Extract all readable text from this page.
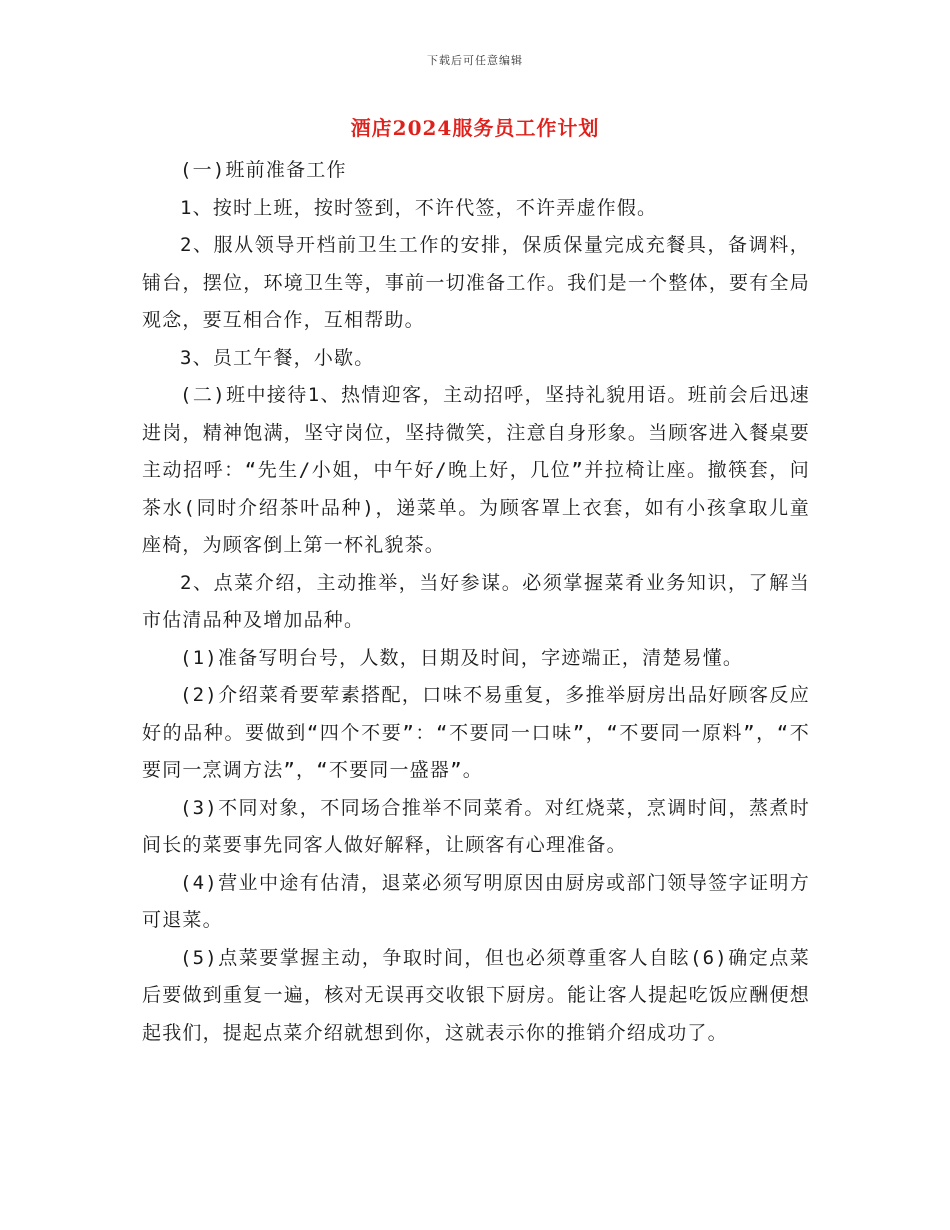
下载后可任意编辑
酒店2024服务员工作计划

(一)班前准备工作

1、按时上班，按时签到，不许代签，不许弄虚作假。

2、服从领导开档前卫生工作的安排，保质保量完成充餐具，备调料，铺台，摆位，环境卫生等，事前一切准备工作。我们是一个整体，要有全局观念，要互相合作，互相帮助。

3、员工午餐，小歇。

(二)班中接待1、热情迎客，主动招呼，坚持礼貌用语。班前会后迅速进岗，精神饱满，坚守岗位，坚持微笑，注意自身形象。当顾客进入餐桌要主动招呼：“先生/小姐，中午好/晚上好，几位”并拉椅让座。撤筷套，问茶水(同时介绍茶叶品种)，递菜单。为顾客罩上衣套，如有小孩拿取儿童座椅，为顾客倒上第一杯礼貌茶。

2、点菜介绍，主动推举，当好参谋。必须掌握菜肴业务知识，了解当市估清品种及增加品种。

(1)准备写明台号，人数，日期及时间，字迹端正，清楚易懂。

(2)介绍菜肴要荤素搭配，口味不易重复，多推举厨房出品好顾客反应好的品种。要做到“四个不要”：“不要同一口味”，“不要同一原料”，“不要同一烹调方法”，“不要同一盛器”。

(3)不同对象，不同场合推举不同菜肴。对红烧菜，烹调时间，蒸煮时间长的菜要事先同客人做好解释，让顾客有心理准备。

(4)营业中途有估清，退菜必须写明原因由厨房或部门领导签字证明方可退菜。

(5)点菜要掌握主动，争取时间，但也必须尊重客人自眩(6)确定点菜后要做到重复一遍，核对无误再交收银下厨房。能让客人提起吃饭应酬便想起我们，提起点菜介绍就想到你，这就表示你的推销介绍成功了。
